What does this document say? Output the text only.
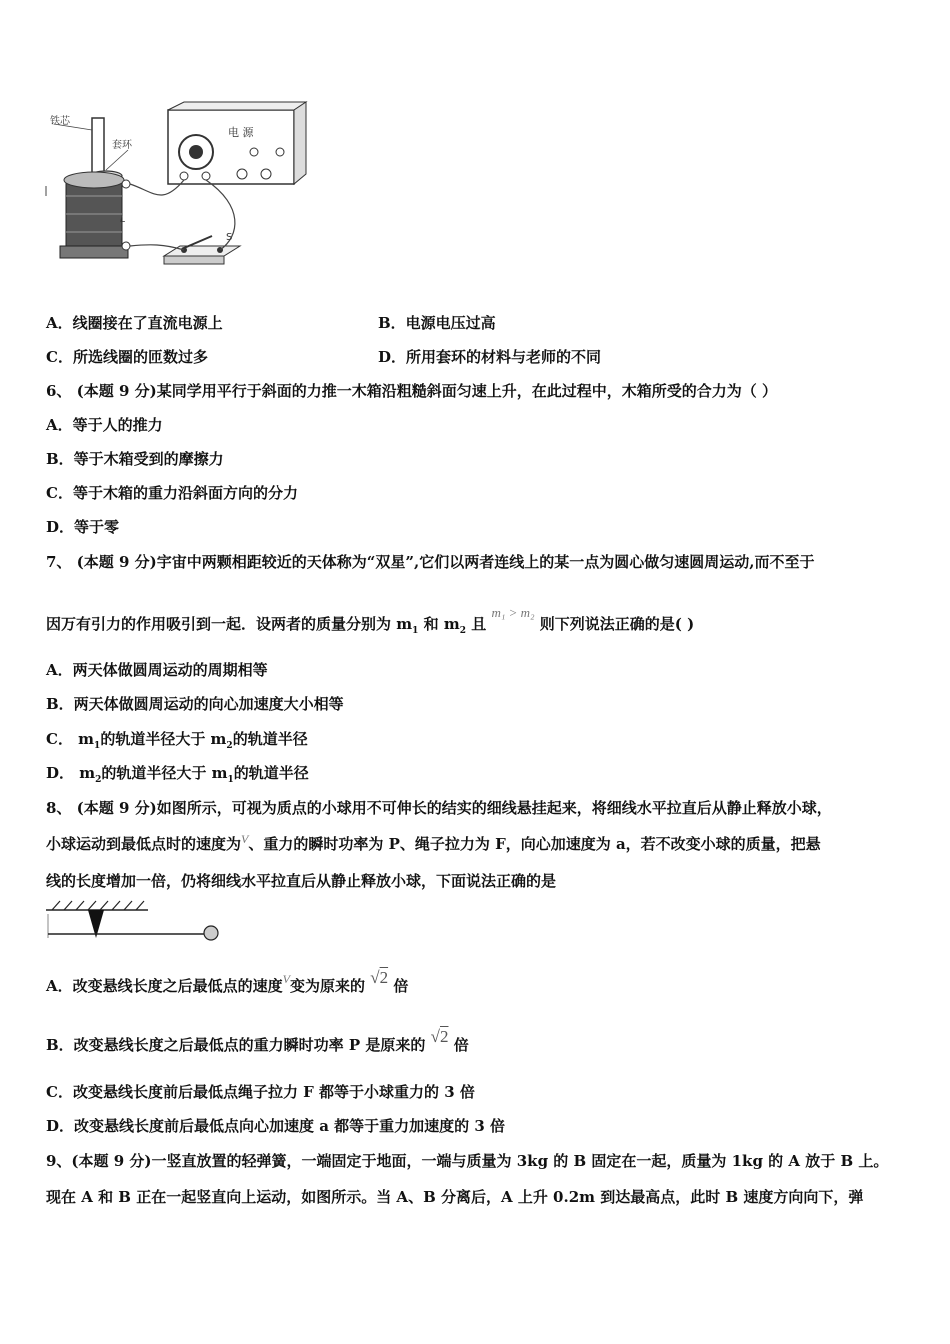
铁芯
套环
电 源
L
S
A．线圈接在了直流电源上	B．电源电压过高
C．所选线圈的匝数过多	D．所用套环的材料与老师的不同
6、 (本题 9 分)某同学用平行于斜面的力推一木箱沿粗糙斜面匀速上升，在此过程中，木箱所受的合力为（ ）
A．等于人的推力
B．等于木箱受到的摩擦力
C．等于木箱的重力沿斜面方向的分力
D．等于零
7、 (本题 9 分)宇宙中两颗相距较近的天体称为“双星”,它们以两者连线上的某一点为圆心做匀速圆周运动,而不至于
因万有引力的作用吸引到一起．设两者的质量分别为 $m_1$ 和 $m_2$ 且 m₁ > m₂ 则下列说法正确的是( )
A．两天体做圆周运动的周期相等
B．两天体做圆周运动的向心加速度大小相等
C． $m_1$的轨道半径大于 $m_2$的轨道半径
D． $m_2$的轨道半径大于 $m_1$的轨道半径
8、 (本题 9 分)如图所示，可视为质点的小球用不可伸长的结实的细线悬挂起来，将细线水平拉直后从静止释放小球，
小球运动到最低点时的速度为$^V$、重力的瞬时功率为 P、绳子拉力为 F，向心加速度为 a，若不改变小球的质量，把悬
线的长度增加一倍，仍将细线水平拉直后从静止释放小球，下面说法正确的是
A．改变悬线长度之后最低点的速度$^V$变为原来的 √2 倍
B．改变悬线长度之后最低点的重力瞬时功率 P 是原来的 √2 倍
C．改变悬线长度前后最低点绳子拉力 F 都等于小球重力的 3 倍
D．改变悬线长度前后最低点向心加速度 a 都等于重力加速度的 3 倍
9、(本题 9 分)一竖直放置的轻弹簧，一端固定于地面，一端与质量为 3kg 的 B 固定在一起，质量为 1kg 的 A 放于 B 上。
现在 A 和 B 正在一起竖直向上运动，如图所示。当 A、B 分离后，A 上升 0.2m 到达最高点，此时 B 速度方向向下，弹
